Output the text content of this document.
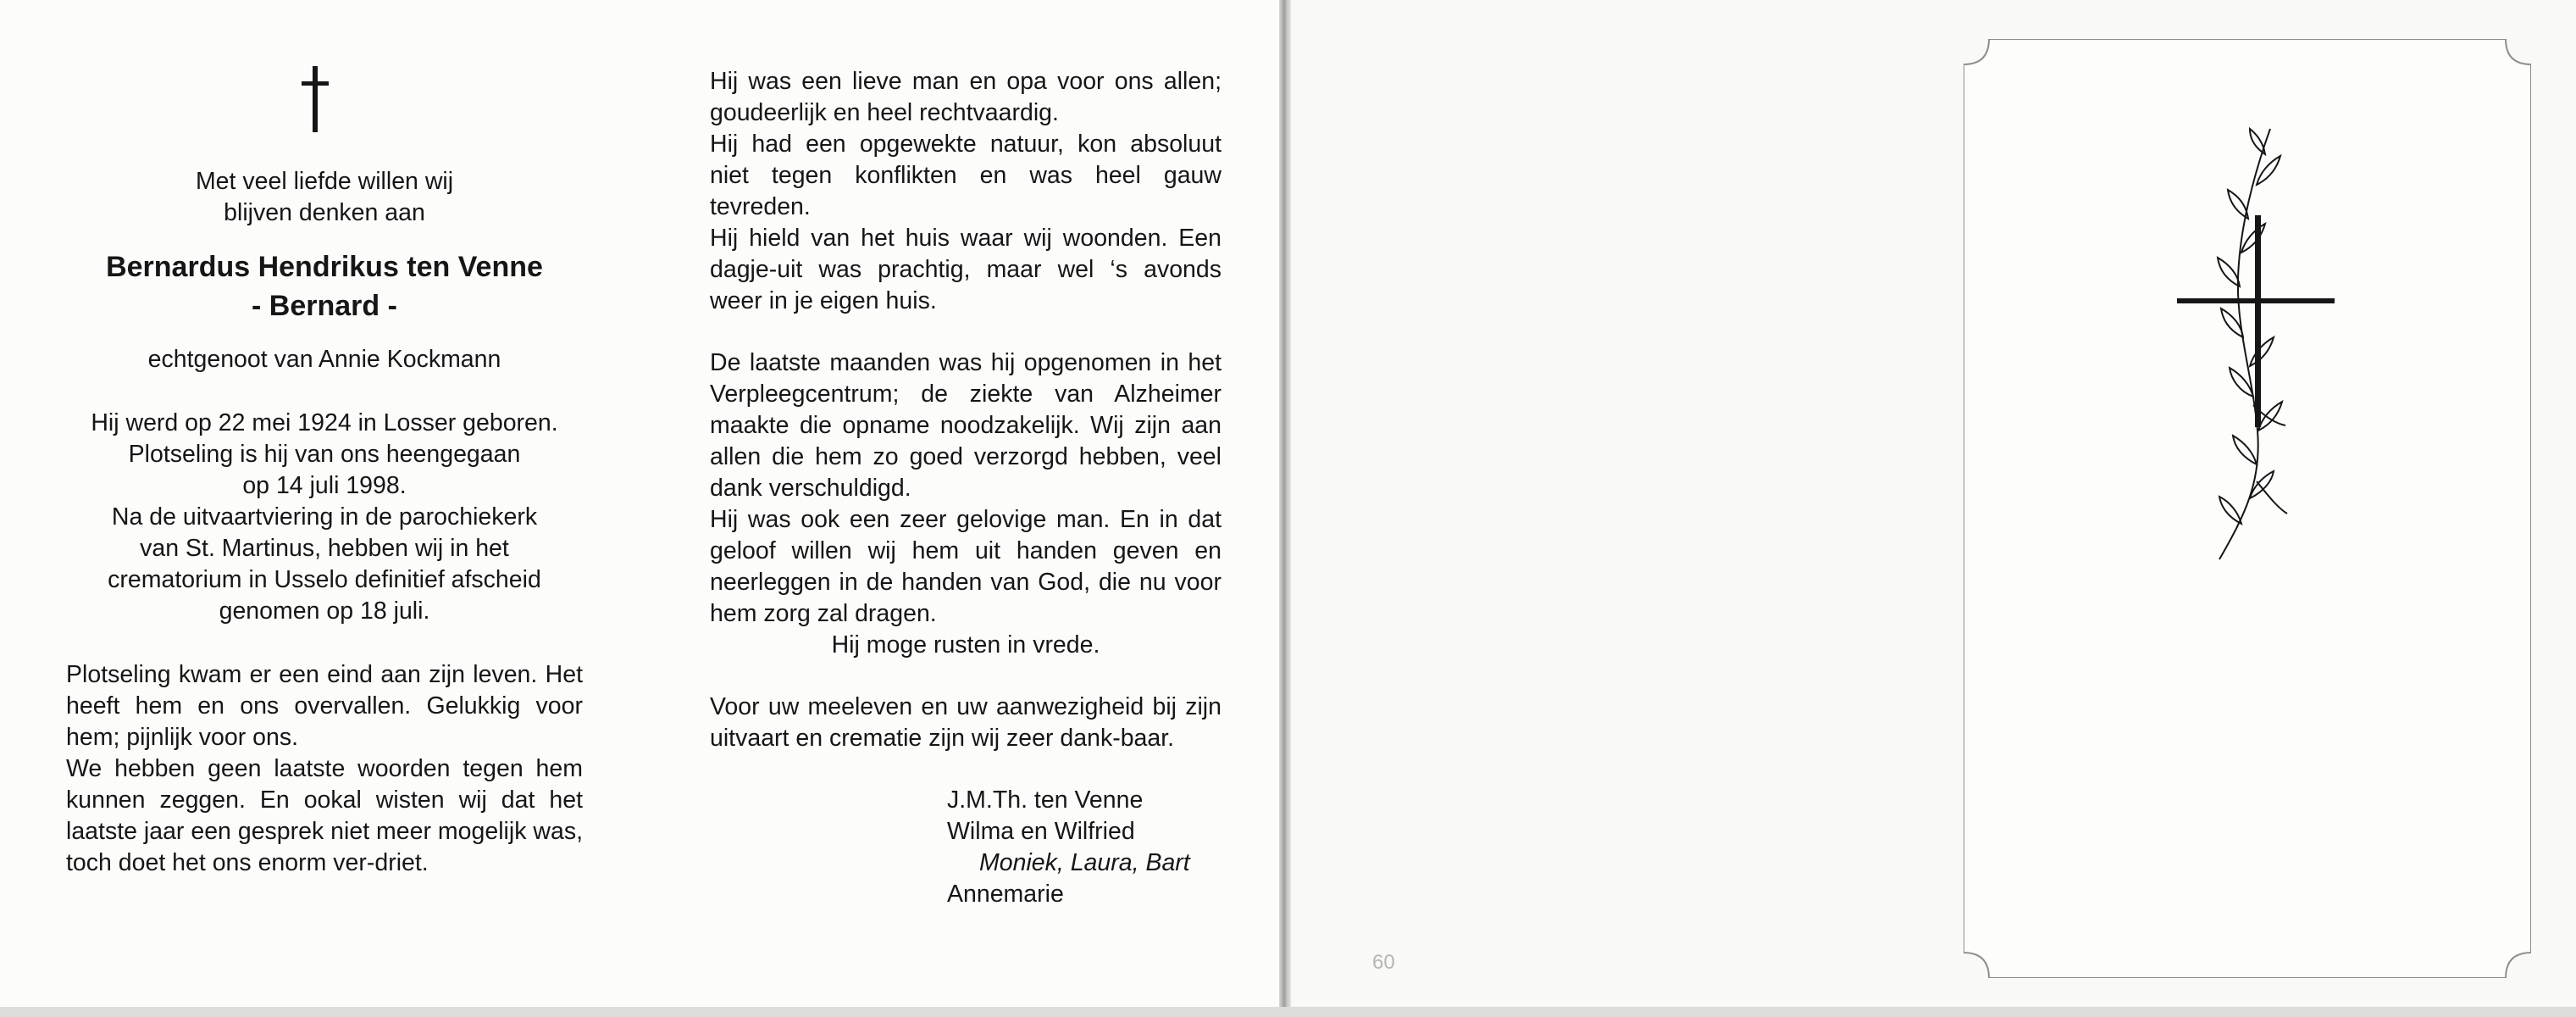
Met veel liefde willen wij

blijven denken aan

Bernardus Hendrikus ten Venne

- Bernard -

echtgenoot van Annie Kockmann

Hij werd op 22 mei 1924 in Losser geboren.

Plotseling is hij van ons heengegaan

op 14 juli 1998.

Na de uitvaartviering in de parochiekerk

van St. Martinus, hebben wij in het

crematorium in Usselo definitief afscheid

genomen op 18 juli.

Plotseling kwam er een eind aan zijn leven. Het heeft hem en ons overvallen. Gelukkig voor hem; pijnlijk voor ons.

We hebben geen laatste woorden tegen hem kunnen zeggen. En ookal wisten wij dat het laatste jaar een gesprek niet meer mogelijk was, toch doet het ons enorm ver-driet.

Hij was een lieve man en opa voor ons allen; goudeerlijk en heel rechtvaardig.

Hij had een opgewekte natuur, kon absoluut niet tegen konflikten en was heel gauw tevreden.

Hij hield van het huis waar wij woonden. Een dagje-uit was prachtig, maar wel ‘s avonds weer in je eigen huis.

De laatste maanden was hij opgenomen in het Verpleegcentrum; de ziekte van Alzheimer maakte die opname noodzakelijk. Wij zijn aan allen die hem zo goed verzorgd hebben, veel dank verschuldigd.

Hij was ook een zeer gelovige man. En in dat geloof willen wij hem uit handen geven en neerleggen in de handen van God, die nu voor hem zorg zal dragen.

Hij moge rusten in vrede.

Voor uw meeleven en uw aanwezigheid bij zijn uitvaart en crematie zijn wij zeer dank-baar.

J.M.Th. ten Venne

Wilma en Wilfried

Moniek, Laura, Bart

Annemarie

60
